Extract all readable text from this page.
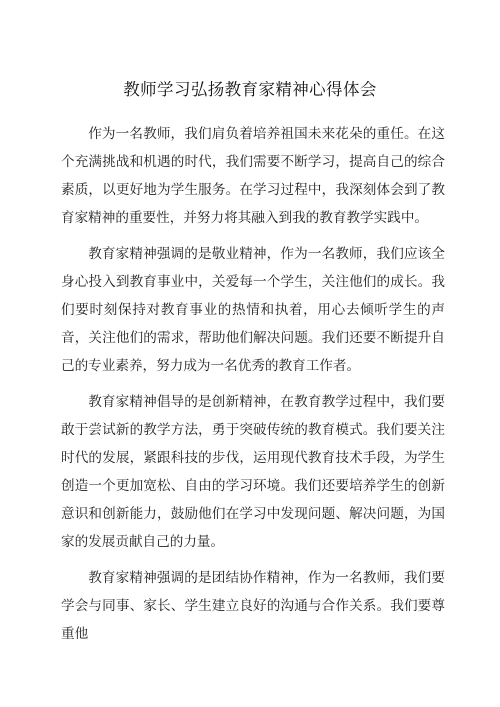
教师学习弘扬教育家精神心得体会

作为一名教师，我们肩负着培养祖国未来花朵的重任。在这个充满挑战和机遇的时代，我们需要不断学习，提高自己的综合素质，以更好地为学生服务。在学习过程中，我深刻体会到了教育家精神的重要性，并努力将其融入到我的教育教学实践中。

教育家精神强调的是敬业精神，作为一名教师，我们应该全身心投入到教育事业中，关爱每一个学生，关注他们的成长。我们要时刻保持对教育事业的热情和执着，用心去倾听学生的声音，关注他们的需求，帮助他们解决问题。我们还要不断提升自己的专业素养，努力成为一名优秀的教育工作者。

教育家精神倡导的是创新精神，在教育教学过程中，我们要敢于尝试新的教学方法，勇于突破传统的教育模式。我们要关注时代的发展，紧跟科技的步伐，运用现代教育技术手段，为学生创造一个更加宽松、自由的学习环境。我们还要培养学生的创新意识和创新能力，鼓励他们在学习中发现问题、解决问题，为国家的发展贡献自己的力量。

教育家精神强调的是团结协作精神，作为一名教师，我们要学会与同事、家长、学生建立良好的沟通与合作关系。我们要尊重他
